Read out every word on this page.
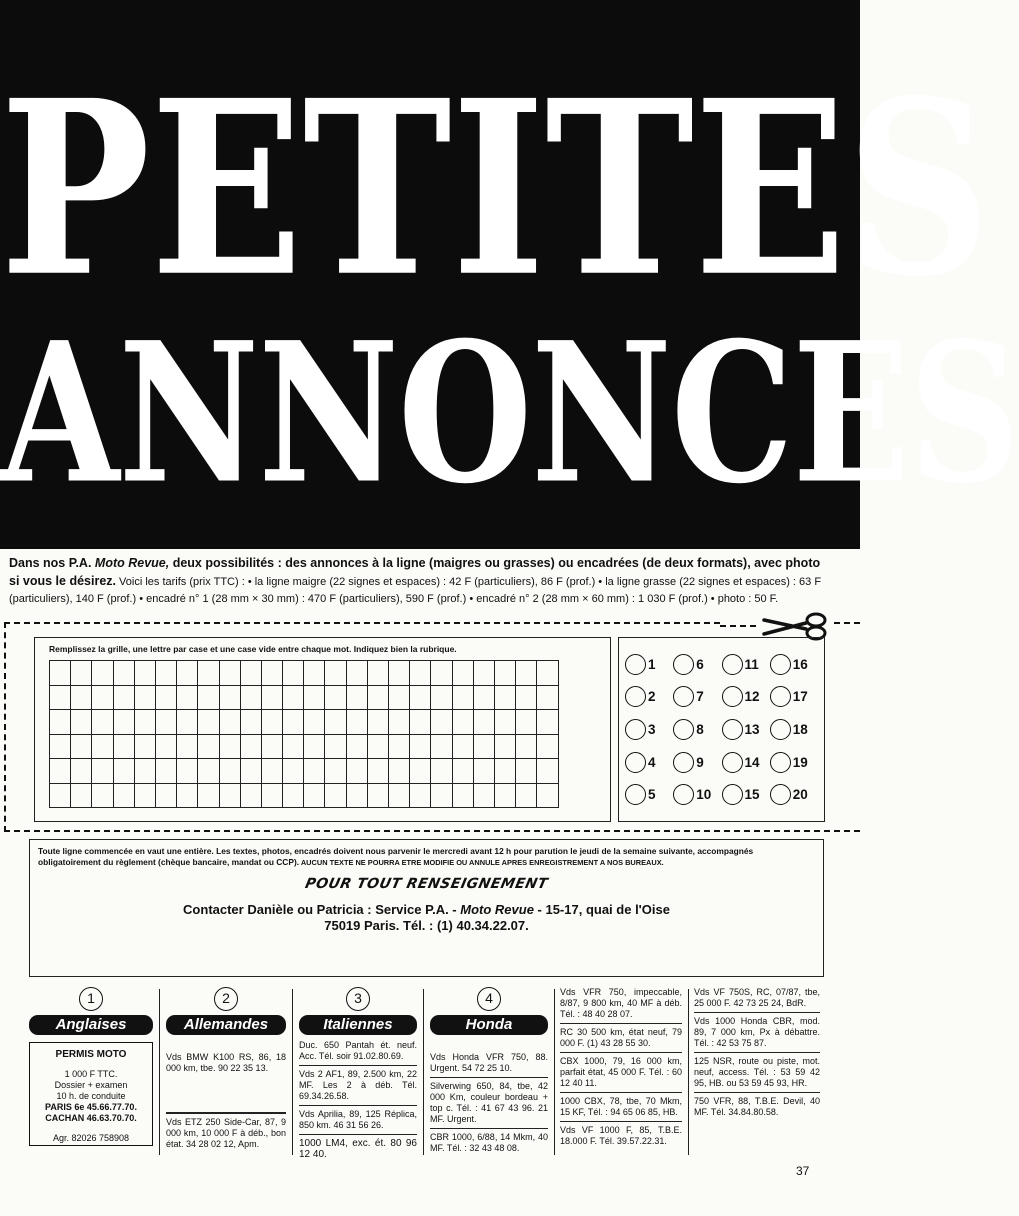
PETITES
ANNONCES
Dans nos P.A. Moto Revue, deux possibilités : des annonces à la ligne (maigres ou grasses) ou encadrées (de deux formats), avec photo si vous le désirez. Voici les tarifs (prix TTC) : • la ligne maigre (22 signes et espaces) : 42 F (particuliers), 86 F (prof.) • la ligne grasse (22 signes et espaces) : 63 F (particuliers), 140 F (prof.) • encadré n° 1 (28 mm × 30 mm) : 470 F (particuliers), 590 F (prof.) • encadré n° 2 (28 mm × 60 mm) : 1 030 F (prof.) • photo : 50 F.
Remplissez la grille, une lettre par case et une case vide entre chaque mot. Indiquez bien la rubrique.
1	6	11	16
2	7	12 17
3	8	13 18
4	9	14 19
5	10 15 20
Toute ligne commencée en vaut une entière. Les textes, photos, encadrés doivent nous parvenir le mercredi avant 12 h pour parution le jeudi de la semaine suivante, accompagnés obligatoirement du règlement (chèque bancaire, mandat ou CCP). AUCUN TEXTE NE POURRA ETRE MODIFIE OU ANNULE APRES ENREGISTREMENT A NOS BUREAUX.
POUR TOUT RENSEIGNEMENT
Contacter Danièle ou Patricia : Service P.A. - Moto Revue - 15-17, quai de l'Oise
75019 Paris. Tél. : (1) 40.34.22.07.
1
Anglaises
PERMIS MOTO
1 000 F TTC.
Dossier + examen
10 h. de conduite
PARIS 6e 45.66.77.70.
CACHAN 46.63.70.70.
Agr. 82026 758908
2
Allemandes
Vds BMW K100 RS, 86, 18 000 km, tbe. 90 22 35 13.
Vds ETZ 250 Side-Car, 87, 9 000 km, 10 000 F à déb., bon état. 34 28 02 12, Apm.
3
Italiennes
Duc. 650 Pantah ét. neuf. Acc. Tél. soir 91.02.80.69.
Vds 2 AF1, 89, 2.500 km, 22 MF. Les 2 à déb. Tél. 69.34.26.58.
Vds Aprilia, 89, 125 Réplica, 850 km. 46 31 56 26.
1000 LM4, exc. ét. 80 96 12 40.
4
Honda
Vds Honda VFR 750, 88. Urgent. 54 72 25 10.
Silverwing 650, 84, tbe, 42 000 Km, couleur bordeau + top c. Tél. : 41 67 43 96. 21 MF. Urgent.
CBR 1000, 6/88, 14 Mkm, 40 MF. Tél. : 32 43 48 08.
Vds VFR 750, impeccable, 8/87, 9 800 km, 40 MF à déb. Tél. : 48 40 28 07.
RC 30 500 km, état neuf, 79 000 F. (1) 43 28 55 30.
CBX 1000, 79, 16 000 km, parfait état, 45 000 F. Tél. : 60 12 40 11.
1000 CBX, 78, tbe, 70 Mkm, 15 KF, Tél. : 94 65 06 85, HB.
Vds VF 1000 F, 85, T.B.E. 18.000 F. Tél. 39.57.22.31.
Vds VF 750S, RC, 07/87, tbe, 25 000 F. 42 73 25 24, BdR.
Vds 1000 Honda CBR, mod. 89, 7 000 km, Px à débattre. Tél. : 42 53 75 87.
125 NSR, route ou piste, mot. neuf, access. Tél. : 53 59 42 95, HB. ou 53 59 45 93, HR.
750 VFR, 88, T.B.E. Devil, 40 MF. Tél. 34.84.80.58.
37
